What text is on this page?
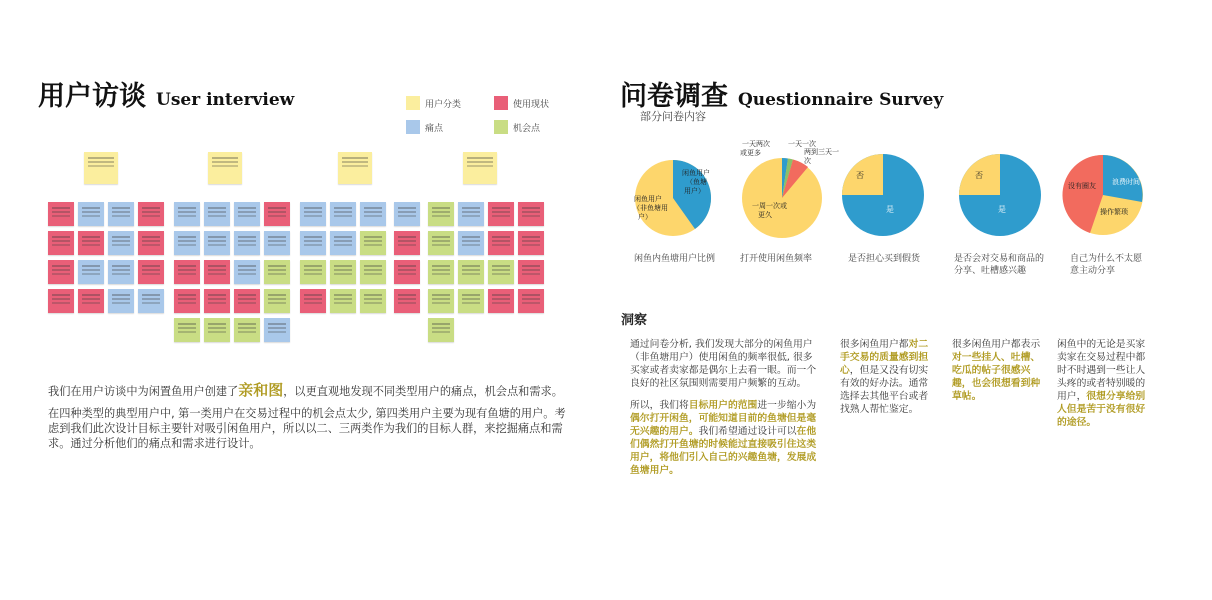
用户访谈 User interview	用户分类	使用现状
痛点	机会点

我们在用户访谈中为闲置鱼用户创建了亲和图，以更直观地发现不同类型用户的痛点，机会点和需求。

在四种类型的典型用户中, 第一类用户在交易过程中的机会点太少, 第四类用户主要为现有鱼塘的用户。考虑到我们此次设计目标主要针对吸引闲鱼用户，所以以二、三两类作为我们的目标人群，来挖掘痛点和需求。通过分析他们的痛点和需求进行设计。

问卷调查 Questionnaire Survey
部分问卷内容
闲鱼用户（鱼塘用户）
闲鱼用户（非鱼塘用户）
闲鱼内鱼塘用户比例
一天一次
一天两次或更多	两到三天一次
一周一次或更久
打开使用闲鱼频率
否
是
是否担心买到假货
否
是
是否会对交易和商品的分享、吐槽感兴趣
浪费时间
操作繁琐
没有圈友
自己为什么不太愿意主动分享
洞察

通过问卷分析, 我们发现大部分的闲鱼用户（非鱼塘用户）使用闲鱼的频率很低, 很多买家或者卖家都是偶尔上去看一眼。而一个良好的社区氛围则需要用户频繁的互动。

所以，我们将目标用户的范围进一步缩小为偶尔打开闲鱼，可能知道目前的鱼塘但是毫无兴趣的用户。我们希望通过设计可以在他们偶然打开鱼塘的时候能过直接吸引住这类用户，将他们引入自己的兴趣鱼塘，发展成鱼塘用户。

很多闲鱼用户都对二手交易的质量感到担心，但是又没有切实有效的好办法。通常选择去其他平台或者找熟人帮忙鉴定。
很多闲鱼用户都表示对一些挂人、吐槽、吃瓜的帖子很感兴趣，也会很想看到种草帖。
闲鱼中的无论是买家卖家在交易过程中都时不时遇到一些让人头疼的或者特别暖的用户，很想分享给别人但是苦于没有很好的途径。
